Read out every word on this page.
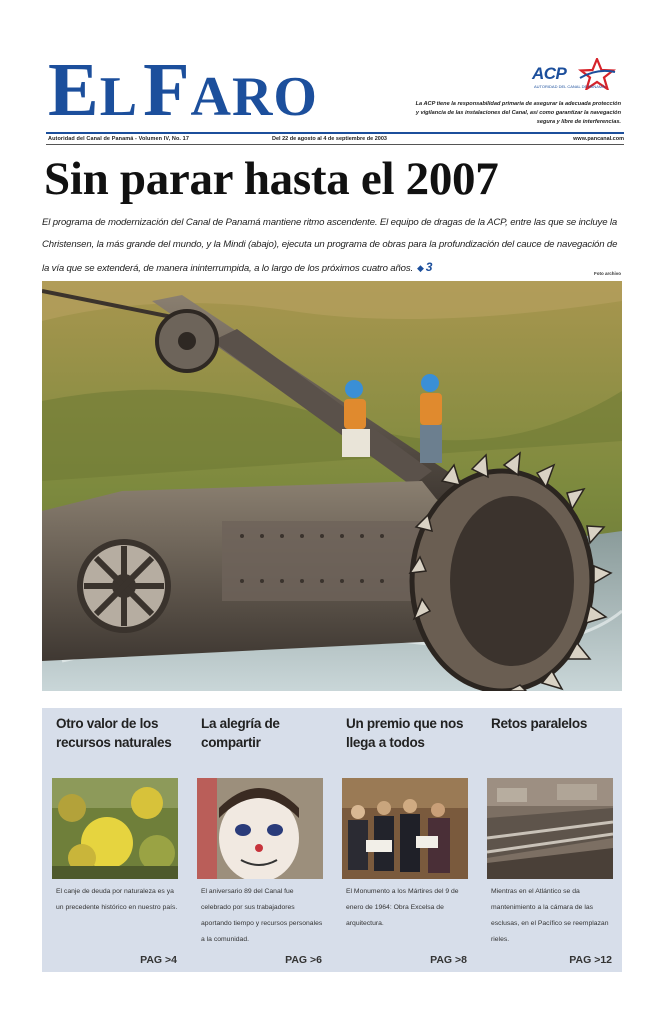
EL FARO	ACP
AUTORIDAD DEL CANAL DE PANAMÁ
La ACP tiene la responsabilidad primaria de asegurar la adecuada protección y vigilancia de las instalaciones del Canal, así como garantizar la navegación segura y libre de interferencias.
Autoridad del Canal de Panamá - Volumen IV, No. 17	Del 22 de agosto al 4 de septiembre de 2003	www.pancanal.com
Sin parar hasta el 2007
El programa de modernización del Canal de Panamá mantiene ritmo ascendente. El equipo de dragas de la ACP, entre las que se incluye la Christensen, la más grande del mundo, y la Mindi (abajo), ejecuta un programa de obras para la profundización del cauce de navegación de la vía que se extenderá, de manera ininterrumpida, a lo largo de los próximos cuatro años. ◆ 3	Foto archivo
Otro valor de los recursos naturales
El canje de deuda por naturaleza es ya un precedente histórico en nuestro país.
PAG >4
La alegría de compartir
El aniversario 89 del Canal fue celebrado por sus trabajadores aportando tiempo y recursos personales a la comunidad.
PAG >6
Un premio que nos llega a todos
El Monumento a los Mártires del 9 de enero de 1964: Obra Excelsa de arquitectura.
PAG >8
Retos paralelos
Mientras en el Atlántico se da mantenimiento a la cámara de las esclusas, en el Pacífico se reemplazan rieles.
PAG >12
